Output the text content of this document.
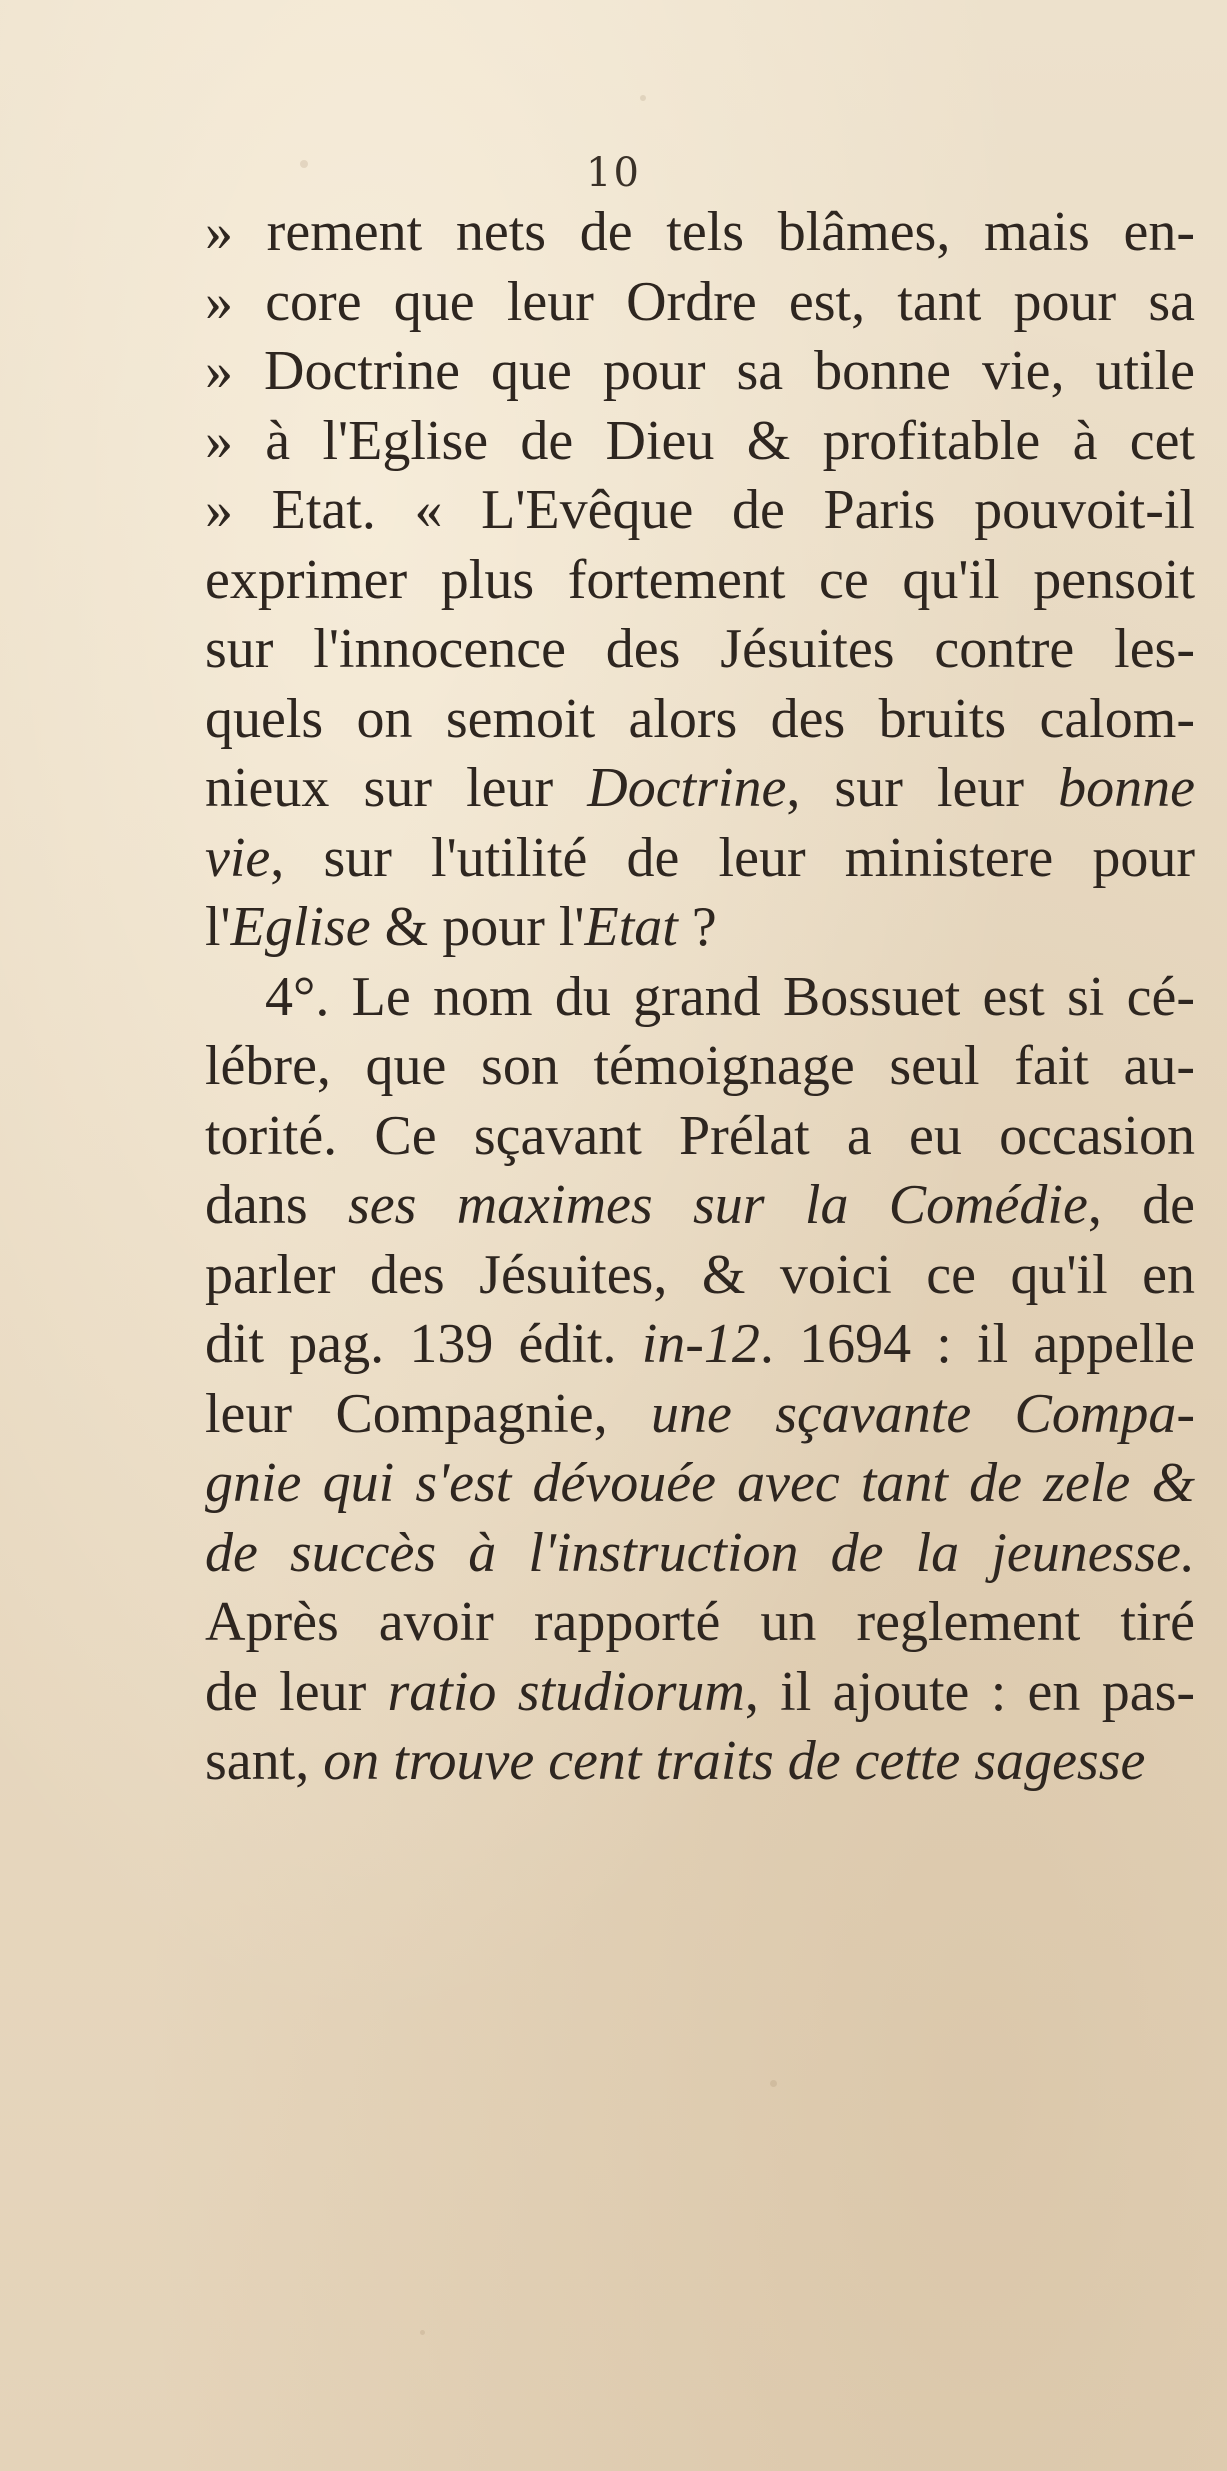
10
» rement nets de tels blâmes, mais en-
» core que leur Ordre est, tant pour sa
» Doctrine que pour sa bonne vie, utile
» à l'Eglise de Dieu & profitable à cet
» Etat. « L'Evêque de Paris pouvoit-il
exprimer plus fortement ce qu'il pensoit
sur l'innocence des Jésuites contre les-
quels on semoit alors des bruits calom-
nieux sur leur Doctrine, sur leur bonne
vie, sur l'utilité de leur ministere pour
l'Eglise & pour l'Etat ?
4°. Le nom du grand Bossuet est si cé-
lébre, que son témoignage seul fait au-
torité. Ce sçavant Prélat a eu occasion
dans ses maximes sur la Comédie, de
parler des Jésuites, & voici ce qu'il en
dit pag. 139 édit. in-12. 1694 : il appelle
leur Compagnie, une sçavante Compa-
gnie qui s'est dévouée avec tant de zele &
de succès à l'instruction de la jeunesse.
Après avoir rapporté un reglement tiré
de leur ratio studiorum, il ajoute : en pas-
sant, on trouve cent traits de cette sagesse
